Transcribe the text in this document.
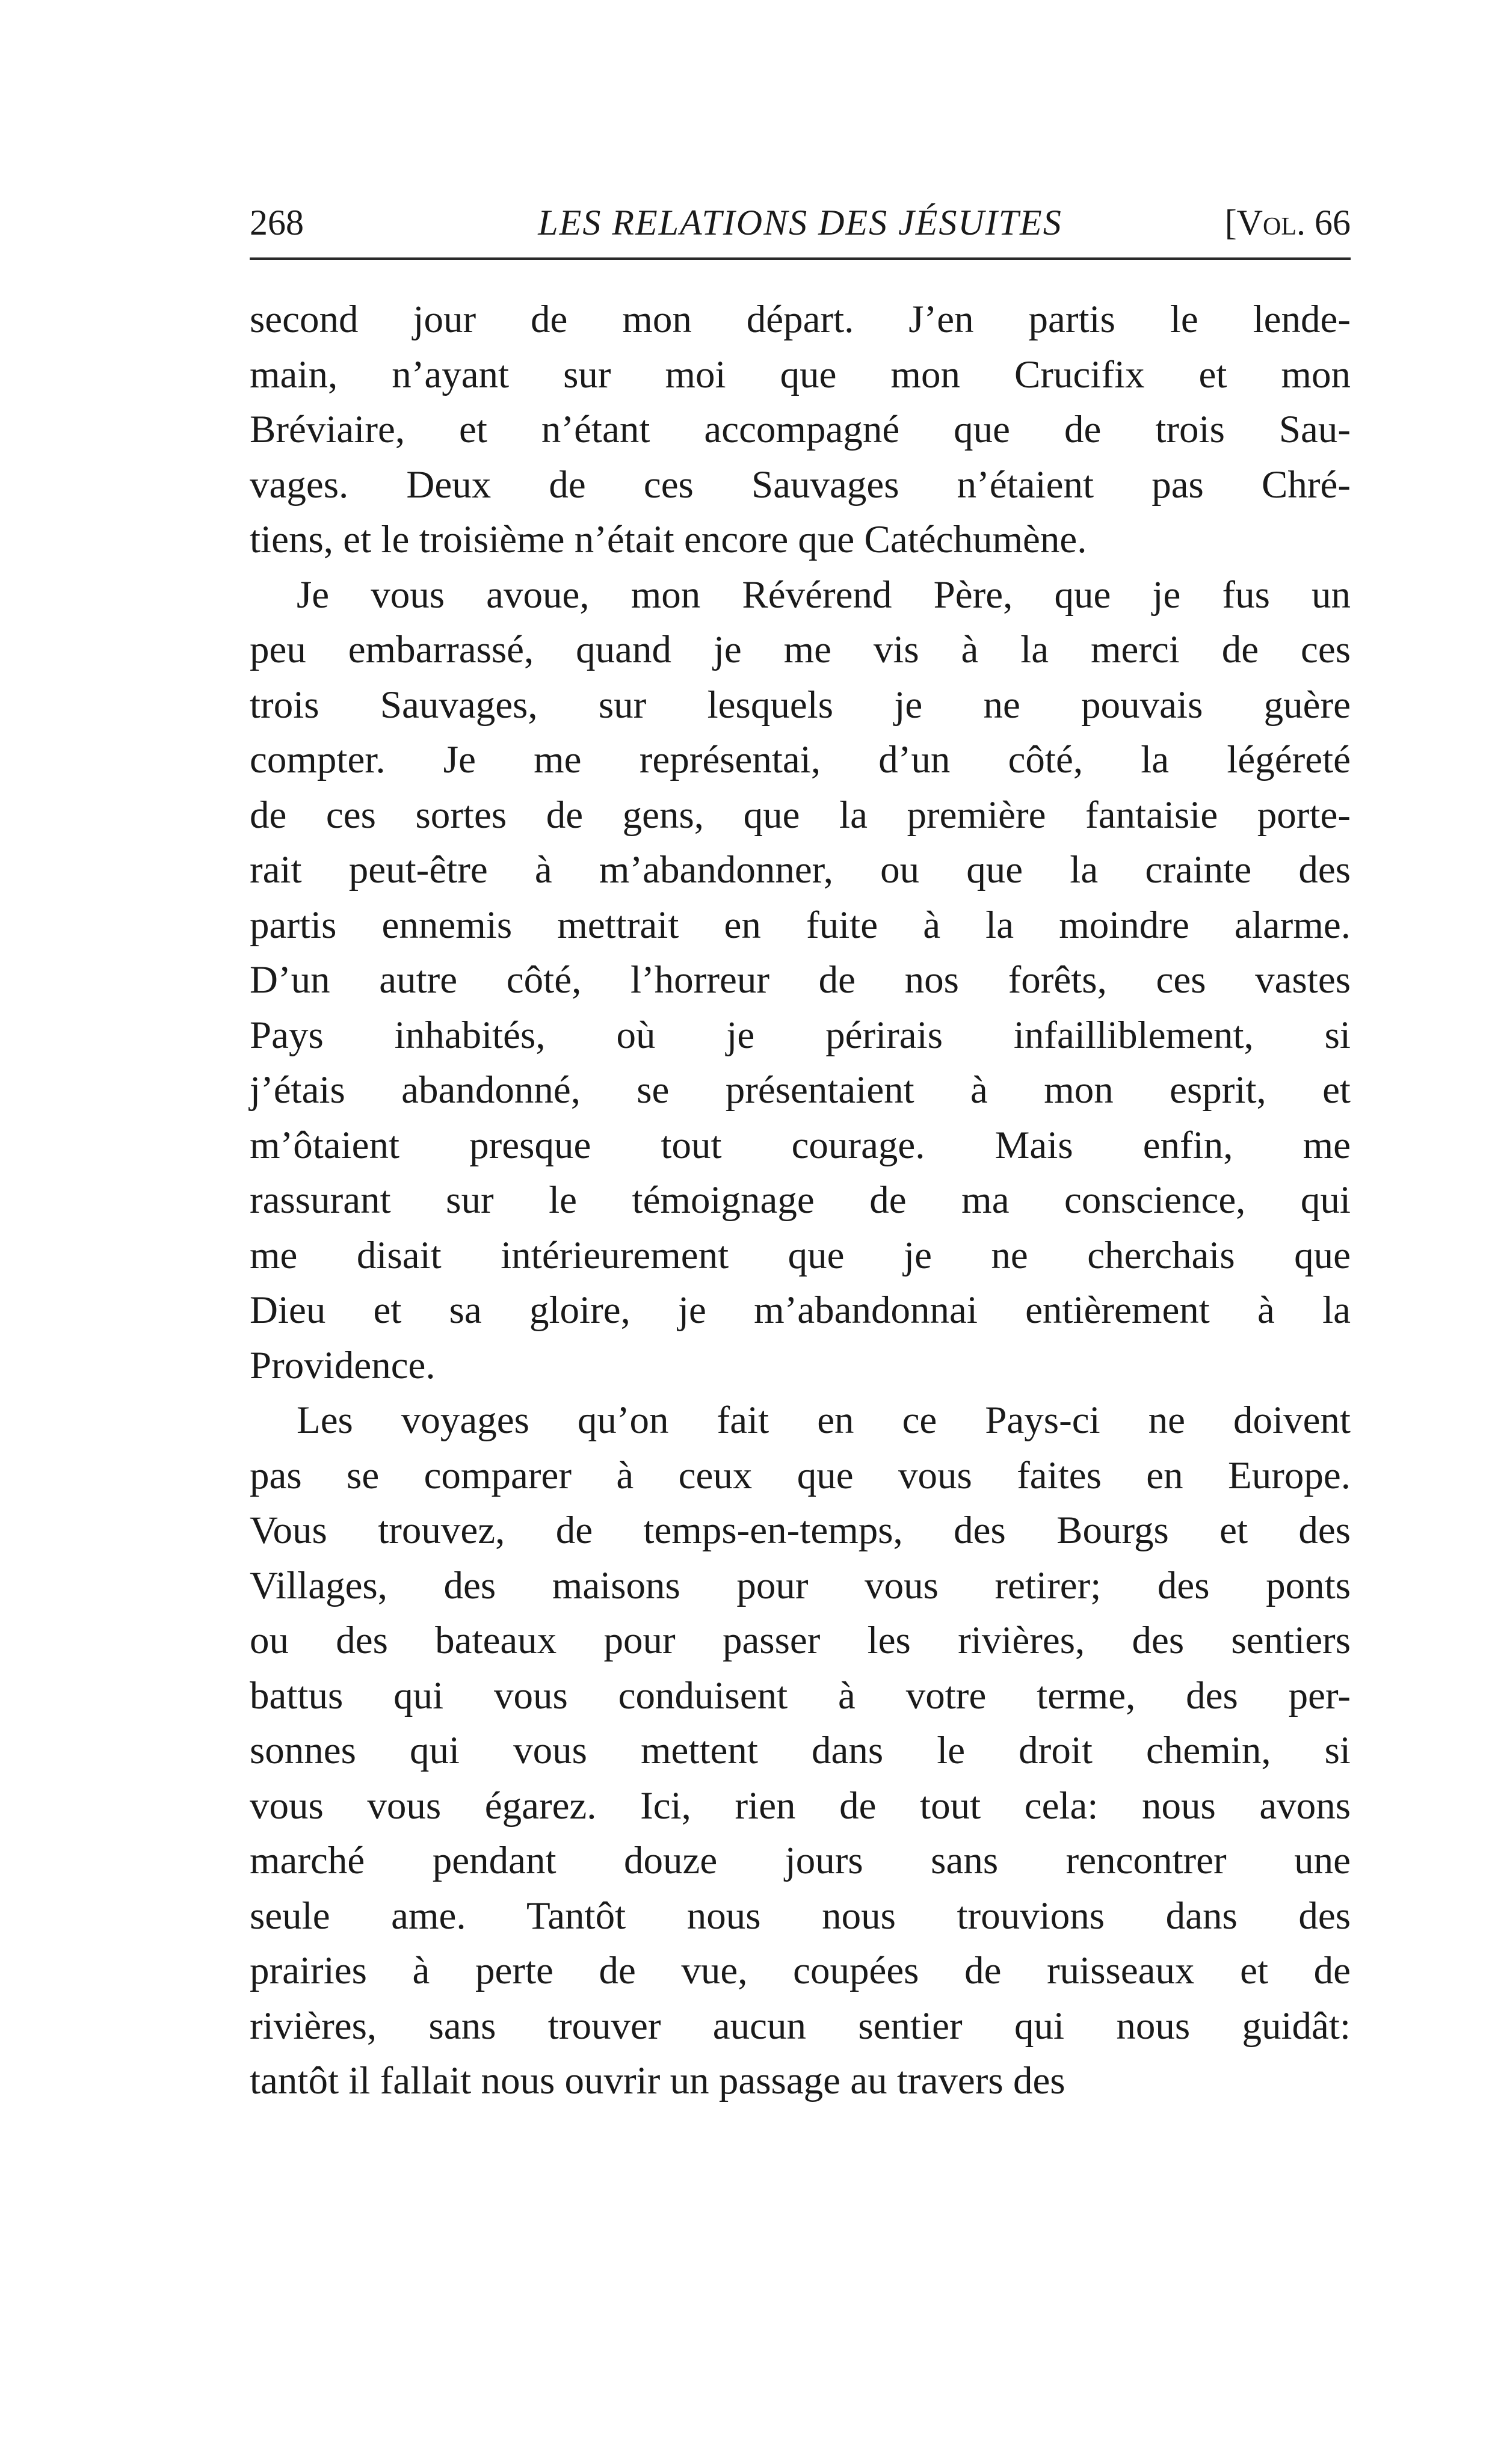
268	LES RELATIONS DES JÉSUITES	[Vol. 66

second jour de mon départ. J’en partis le lende-
main, n’ayant sur moi que mon Crucifix et mon
Bréviaire, et n’étant accompagné que de trois Sau-
vages. Deux de ces Sauvages n’étaient pas Chré-
tiens, et le troisième n’était encore que Catéchumène.

Je vous avoue, mon Révérend Père, que je fus un
peu embarrassé, quand je me vis à la merci de ces
trois Sauvages, sur lesquels je ne pouvais guère
compter. Je me représentai, d’un côté, la légéreté
de ces sortes de gens, que la première fantaisie porte-
rait peut-être à m’abandonner, ou que la crainte des
partis ennemis mettrait en fuite à la moindre alarme.
D’un autre côté, l’horreur de nos forêts, ces vastes
Pays inhabités, où je périrais infailliblement, si
j’étais abandonné, se présentaient à mon esprit, et
m’ôtaient presque tout courage. Mais enfin, me
rassurant sur le témoignage de ma conscience, qui
me disait intérieurement que je ne cherchais que
Dieu et sa gloire, je m’abandonnai entièrement à la
Providence.

Les voyages qu’on fait en ce Pays-ci ne doivent
pas se comparer à ceux que vous faites en Europe.
Vous trouvez, de temps-en-temps, des Bourgs et des
Villages, des maisons pour vous retirer; des ponts
ou des bateaux pour passer les rivières, des sentiers
battus qui vous conduisent à votre terme, des per-
sonnes qui vous mettent dans le droit chemin, si
vous vous égarez. Ici, rien de tout cela: nous avons
marché pendant douze jours sans rencontrer une
seule ame. Tantôt nous nous trouvions dans des
prairies à perte de vue, coupées de ruisseaux et de
rivières, sans trouver aucun sentier qui nous guidât:
tantôt il fallait nous ouvrir un passage au travers des
